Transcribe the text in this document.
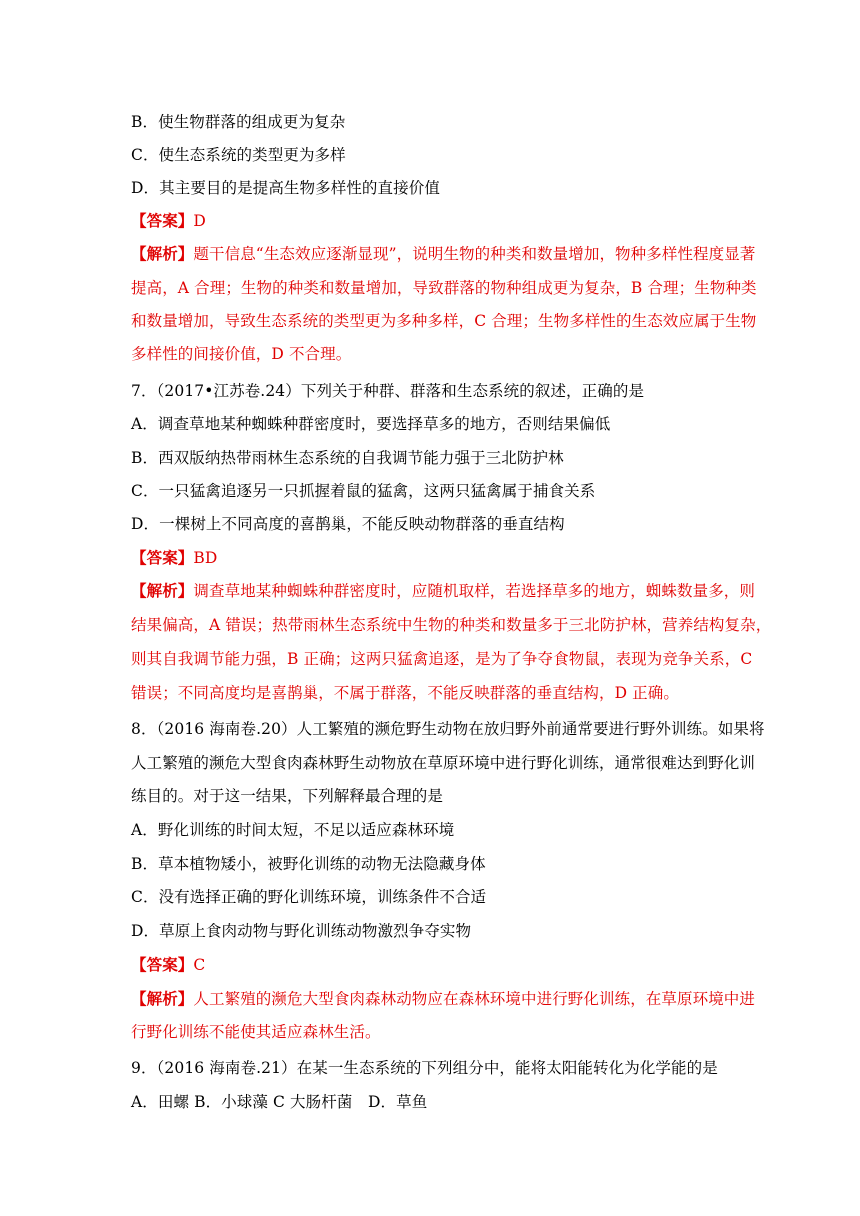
B．使生物群落的组成更为复杂
C．使生态系统的类型更为多样
D．其主要目的是提高生物多样性的直接价值
【答案】D
【解析】题干信息“生态效应逐渐显现”，说明生物的种类和数量增加，物种多样性程度显著
提高，A 合理；生物的种类和数量增加，导致群落的物种组成更为复杂，B 合理；生物种类
和数量增加，导致生态系统的类型更为多种多样，C 合理；生物多样性的生态效应属于生物
多样性的间接价值，D 不合理。
7．（2017•江苏卷.24）下列关于种群、群落和生态系统的叙述，正确的是
A．调查草地某种蜘蛛种群密度时，要选择草多的地方，否则结果偏低
B．西双版纳热带雨林生态系统的自我调节能力强于三北防护林
C．一只猛禽追逐另一只抓握着鼠的猛禽，这两只猛禽属于捕食关系
D．一棵树上不同高度的喜鹊巢，不能反映动物群落的垂直结构
【答案】BD
【解析】调查草地某种蜘蛛种群密度时，应随机取样，若选择草多的地方，蜘蛛数量多，则
结果偏高，A 错误；热带雨林生态系统中生物的种类和数量多于三北防护林，营养结构复杂，
则其自我调节能力强，B 正确；这两只猛禽追逐，是为了争夺食物鼠，表现为竞争关系，C
错误；不同高度均是喜鹊巢，不属于群落，不能反映群落的垂直结构，D 正确。
8．（2016 海南卷.20）人工繁殖的濒危野生动物在放归野外前通常要进行野外训练。如果将
人工繁殖的濒危大型食肉森林野生动物放在草原环境中进行野化训练，通常很难达到野化训
练目的。对于这一结果，下列解释最合理的是
A．野化训练的时间太短，不足以适应森林环境
B．草本植物矮小，被野化训练的动物无法隐藏身体
C．没有选择正确的野化训练环境，训练条件不合适
D．草原上食肉动物与野化训练动物激烈争夺实物
【答案】C
【解析】人工繁殖的濒危大型食肉森林动物应在森林环境中进行野化训练，在草原环境中进
行野化训练不能使其适应森林生活。
9．（2016 海南卷.21）在某一生态系统的下列组分中，能将太阳能转化为化学能的是
A．田螺 B．小球藻 C 大肠杆菌　D．草鱼
